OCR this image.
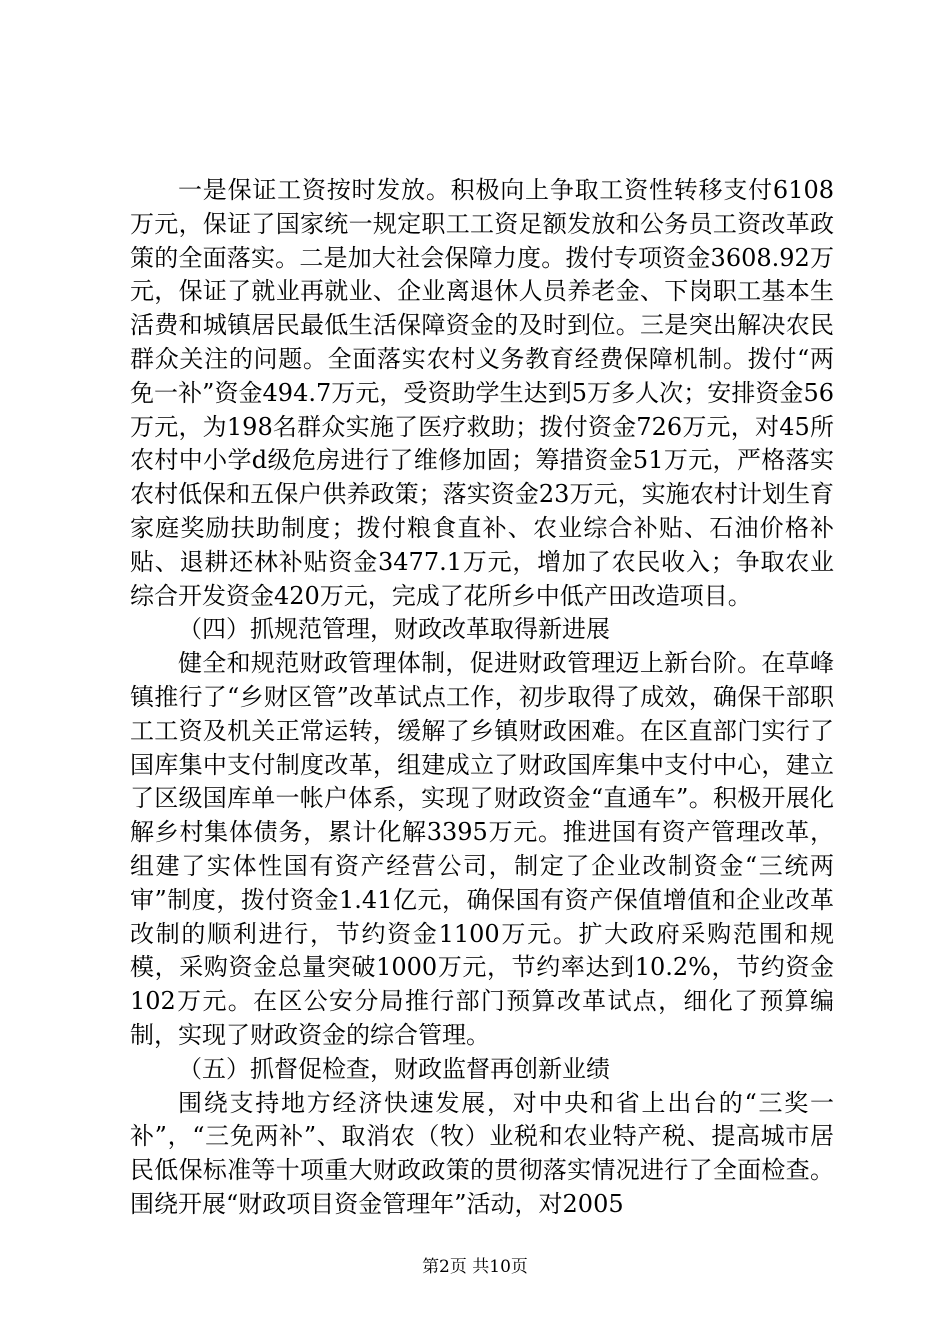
一是保证工资按时发放。积极向上争取工资性转移支付6108万元，保证了国家统一规定职工工资足额发放和公务员工资改革政策的全面落实。二是加大社会保障力度。拨付专项资金3608.92万元，保证了就业再就业、企业离退休人员养老金、下岗职工基本生活费和城镇居民最低生活保障资金的及时到位。三是突出解决农民群众关注的问题。全面落实农村义务教育经费保障机制。拨付“两免一补”资金494.7万元，受资助学生达到5万多人次；安排资金56万元，为198名群众实施了医疗救助；拨付资金726万元，对45所农村中小学d级危房进行了维修加固；筹措资金51万元，严格落实农村低保和五保户供养政策；落实资金23万元，实施农村计划生育家庭奖励扶助制度；拨付粮食直补、农业综合补贴、石油价格补贴、退耕还林补贴资金3477.1万元，增加了农民收入；争取农业综合开发资金420万元，完成了花所乡中低产田改造项目。

（四）抓规范管理，财政改革取得新进展

健全和规范财政管理体制，促进财政管理迈上新台阶。在草峰镇推行了“乡财区管”改革试点工作，初步取得了成效，确保干部职工工资及机关正常运转，缓解了乡镇财政困难。在区直部门实行了国库集中支付制度改革，组建成立了财政国库集中支付中心，建立了区级国库单一帐户体系，实现了财政资金“直通车”。积极开展化解乡村集体债务，累计化解3395万元。推进国有资产管理改革，组建了实体性国有资产经营公司，制定了企业改制资金“三统两审”制度，拨付资金1.41亿元，确保国有资产保值增值和企业改革改制的顺利进行，节约资金1100万元。扩大政府采购范围和规模，采购资金总量突破1000万元，节约率达到10.2%，节约资金102万元。在区公安分局推行部门预算改革试点，细化了预算编制，实现了财政资金的综合管理。

（五）抓督促检查，财政监督再创新业绩

围绕支持地方经济快速发展，对中央和省上出台的“三奖一补”，“三免两补”、取消农（牧）业税和农业特产税、提高城市居民低保标准等十项重大财政政策的贯彻落实情况进行了全面检查。围绕开展“财政项目资金管理年”活动，对2005

第2页 共10页
